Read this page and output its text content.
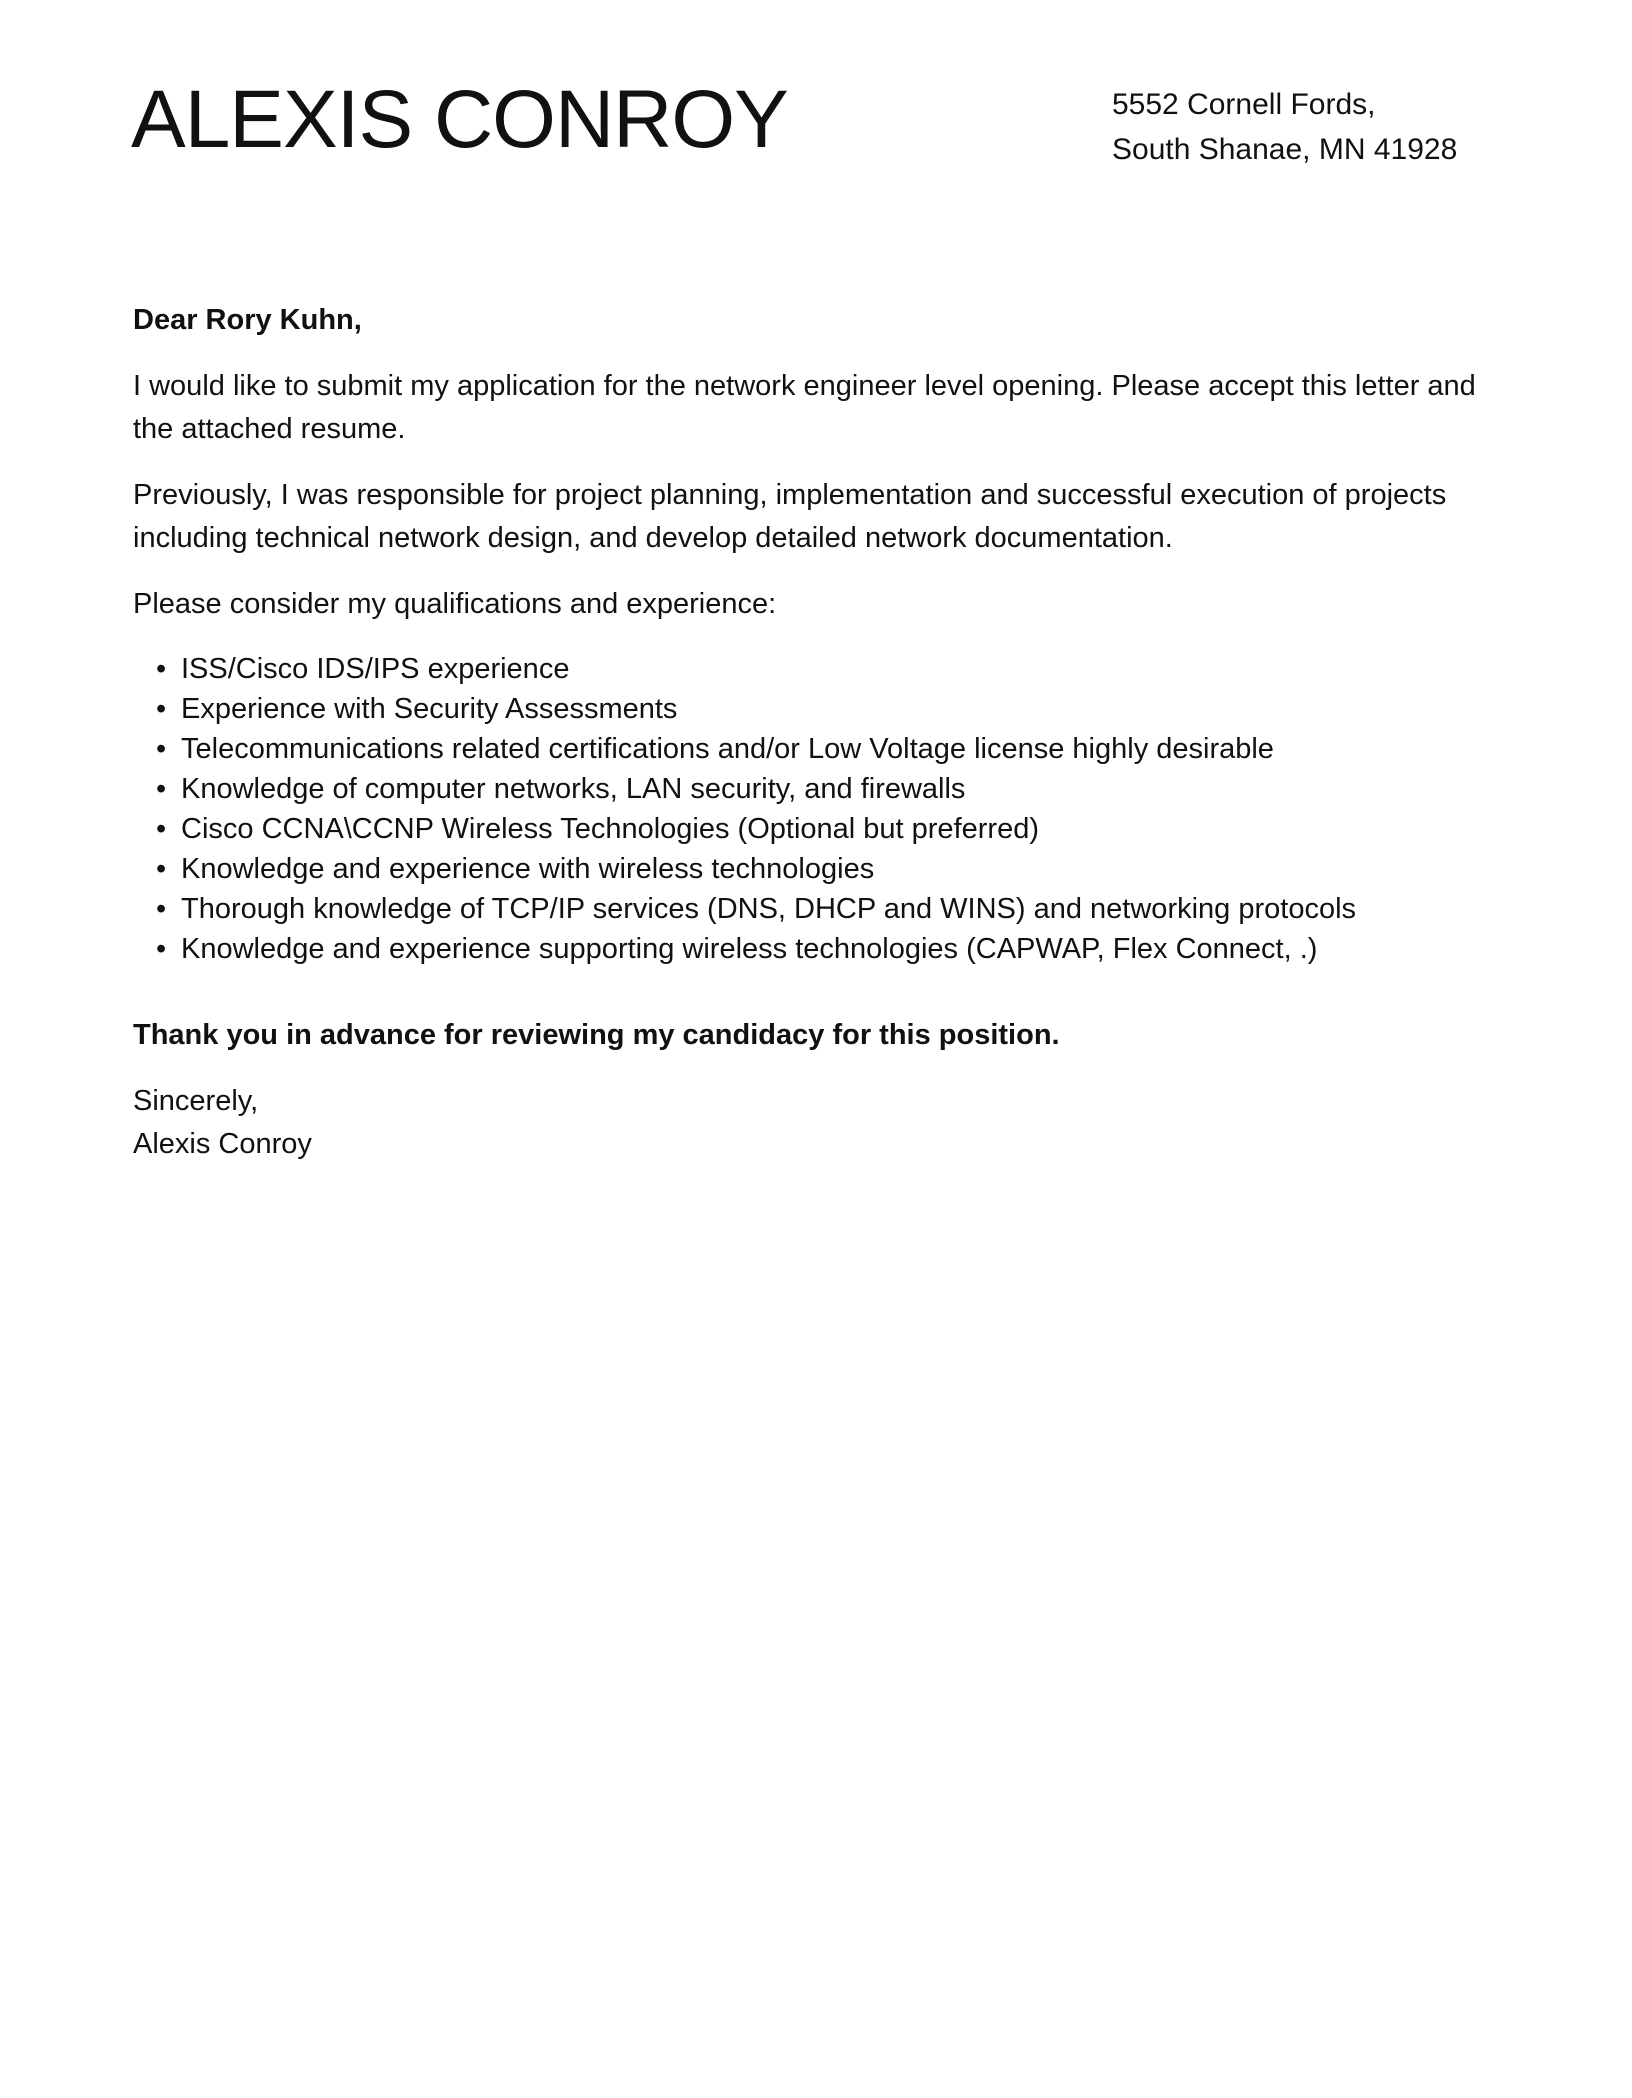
ALEXIS CONROY	5552 Cornell Fords,
South Shanae, MN 41928

Dear Rory Kuhn,

I would like to submit my application for the network engineer level opening. Please accept this letter and the attached resume.

Previously, I was responsible for project planning, implementation and successful execution of projects including technical network design, and develop detailed network documentation.

Please consider my qualifications and experience:

• ISS/Cisco IDS/IPS experience
• Experience with Security Assessments
• Telecommunications related certifications and/or Low Voltage license highly desirable
• Knowledge of computer networks, LAN security, and firewalls
• Cisco CCNA\CCNP Wireless Technologies (Optional but preferred)
• Knowledge and experience with wireless technologies
• Thorough knowledge of TCP/IP services (DNS, DHCP and WINS) and networking protocols
• Knowledge and experience supporting wireless technologies (CAPWAP, Flex Connect, .)

Thank you in advance for reviewing my candidacy for this position.

Sincerely,
Alexis Conroy
